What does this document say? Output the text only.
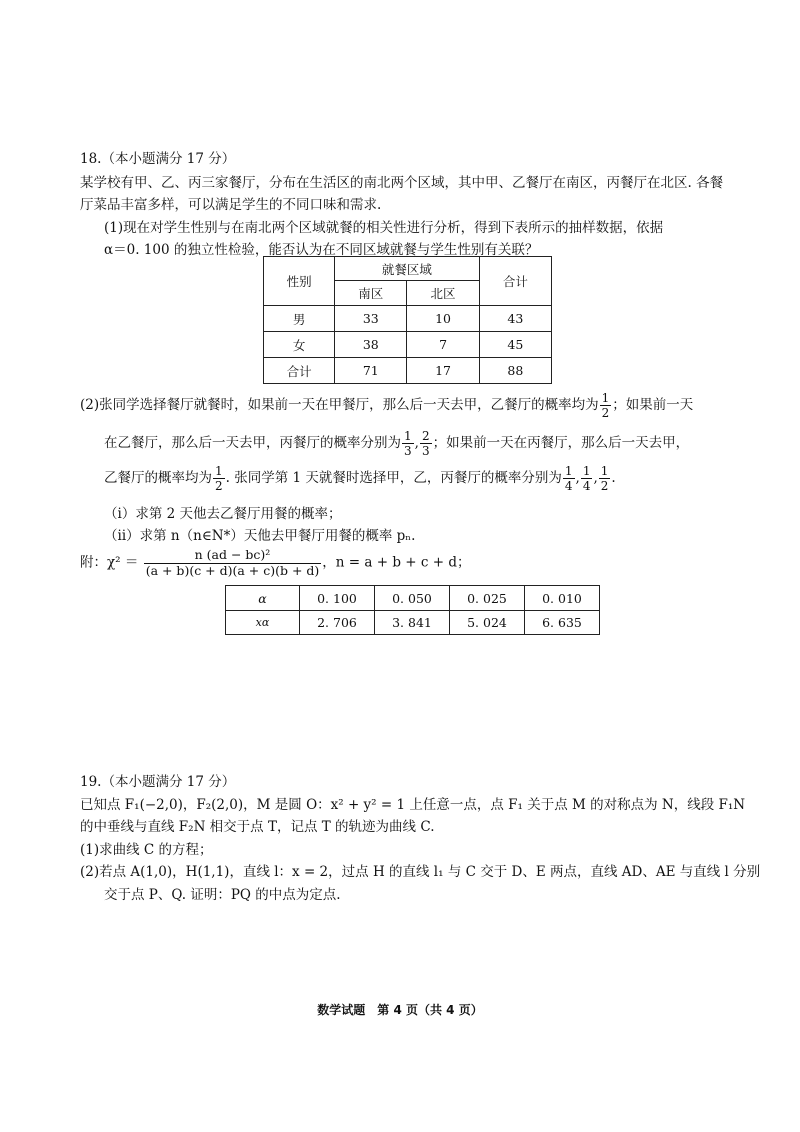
18.（本小题满分 17 分）
某学校有甲、乙、丙三家餐厅，分布在生活区的南北两个区域，其中甲、乙餐厅在南区，丙餐厅在北区. 各餐
厅菜品丰富多样，可以满足学生的不同口味和需求.
(1)现在对学生性别与在南北两个区域就餐的相关性进行分析，得到下表所示的抽样数据，依据
α＝0. 100 的独立性检验，能否认为在不同区域就餐与学生性别有关联？
性别	就餐区域		合计
	南区	北区	
男	33	10	43
女	38	7	45
合计	71	17	88
(2)张同学选择餐厅就餐时，如果前一天在甲餐厅，那么后一天去甲，乙餐厅的概率均为 $\frac{1}{2}$ ；如果前一天
在乙餐厅，那么后一天去甲，丙餐厅的概率分别为 $\frac{1}{3}$ , $\frac{2}{3}$ ；如果前一天在丙餐厅，那么后一天去甲，
乙餐厅的概率均为 $\frac{1}{2}$ . 张同学第 1 天就餐时选择甲，乙，丙餐厅的概率分别为 $\frac{1}{4}$ , $\frac{1}{4}$ , $\frac{1}{2}$ .
（ⅰ）求第 2 天他去乙餐厅用餐的概率；
（ⅱ）求第 n（n∈N*）天他去甲餐厅用餐的概率 pₙ.
附：$\chi^2 = \frac{\text{n (ad − bc)²}}{(a + b)(c + d)(a + c)(b + d)}$ ，n = a + b + c + d；
α	0. 100	0. 050	0. 025	0. 010
xα	2. 706	3. 841	5. 024	6. 635
19.（本小题满分 17 分）
已知点 F₁(−2,0)，F₂(2,0)，M 是圆 O：x² + y² = 1 上任意一点，点 F₁ 关于点 M 的对称点为 N，线段 F₁N
的中垂线与直线 F₂N 相交于点 T，记点 T 的轨迹为曲线 C.
(1)求曲线 C 的方程；
(2)若点 A(1,0)，H(1,1)，直线 l：x = 2，过点 H 的直线 l₁ 与 C 交于 D、E 两点，直线 AD、AE 与直线 l 分别
交于点 P、Q. 证明：PQ 的中点为定点.
数学试题　第 4 页（共 4 页）
